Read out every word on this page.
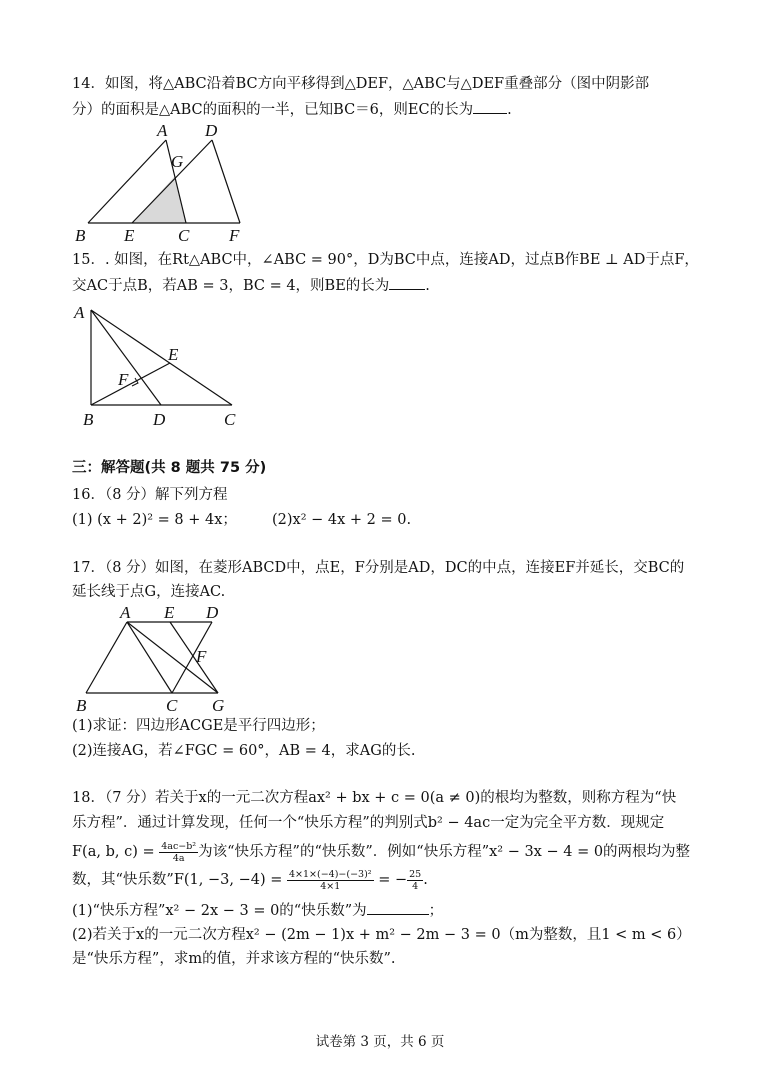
14．如图，将△ABC沿着BC方向平移得到△DEF，△ABC与△DEF重叠部分（图中阴影部
分）的面积是△ABC的面积的一半，已知BC＝6，则EC的长为 .
A D
G
B E	C F
15．. 如图，在Rt△ABC中，∠ABC = 90°，D为BC中点，连接AD，过点B作BE ⊥ AD于点F，
交AC于点B，若AB = 3，BC = 4，则BE的长为 .
A
E
F
B	D	C
三：解答题(共 8 题共 75 分)
16．（8 分）解下列方程
(1) (x + 2)² = 8 + 4x； (2)x² − 4x + 2 = 0.
17．（8 分）如图，在菱形ABCD中，点E，F分别是AD，DC的中点，连接EF并延长，交BC的
延长线于点G，连接AC.
A E D
F
B	C G
(1)求证：四边形ACGE是平行四边形；
(2)连接AG，若∠FGC = 60°，AB = 4，求AG的长.
18．（7 分）若关于x的一元二次方程ax² + bx + c = 0(a ≠ 0)的根均为整数，则称方程为“快
乐方程”．通过计算发现，任何一个“快乐方程”的判别式b² − 4ac一定为完全平方数．现规定
F(a, b, $c) = \frac{\text{4ac−b²}}{4a}$ 为该“快乐方程”的“快乐数”．例如“快乐方程”x² − 3x − 4 = 0的两根均为整
数，其“快乐数”F(1, −3, $-4) = \frac{\text{4×1×(−4)−(−3)²}}{4\times 1}$ = − $\frac{25}{4}$ .
(1)“快乐方程”x² − 2x − 3 = 0的“快乐数”为	；
(2)若关于x的一元二次方程x² − (2m − 1)x + m² − 2m − 3 = 0（m为整数，且1 < m < 6）
是“快乐方程”，求m的值，并求该方程的“快乐数”.
试卷第 3 页，共 6 页
